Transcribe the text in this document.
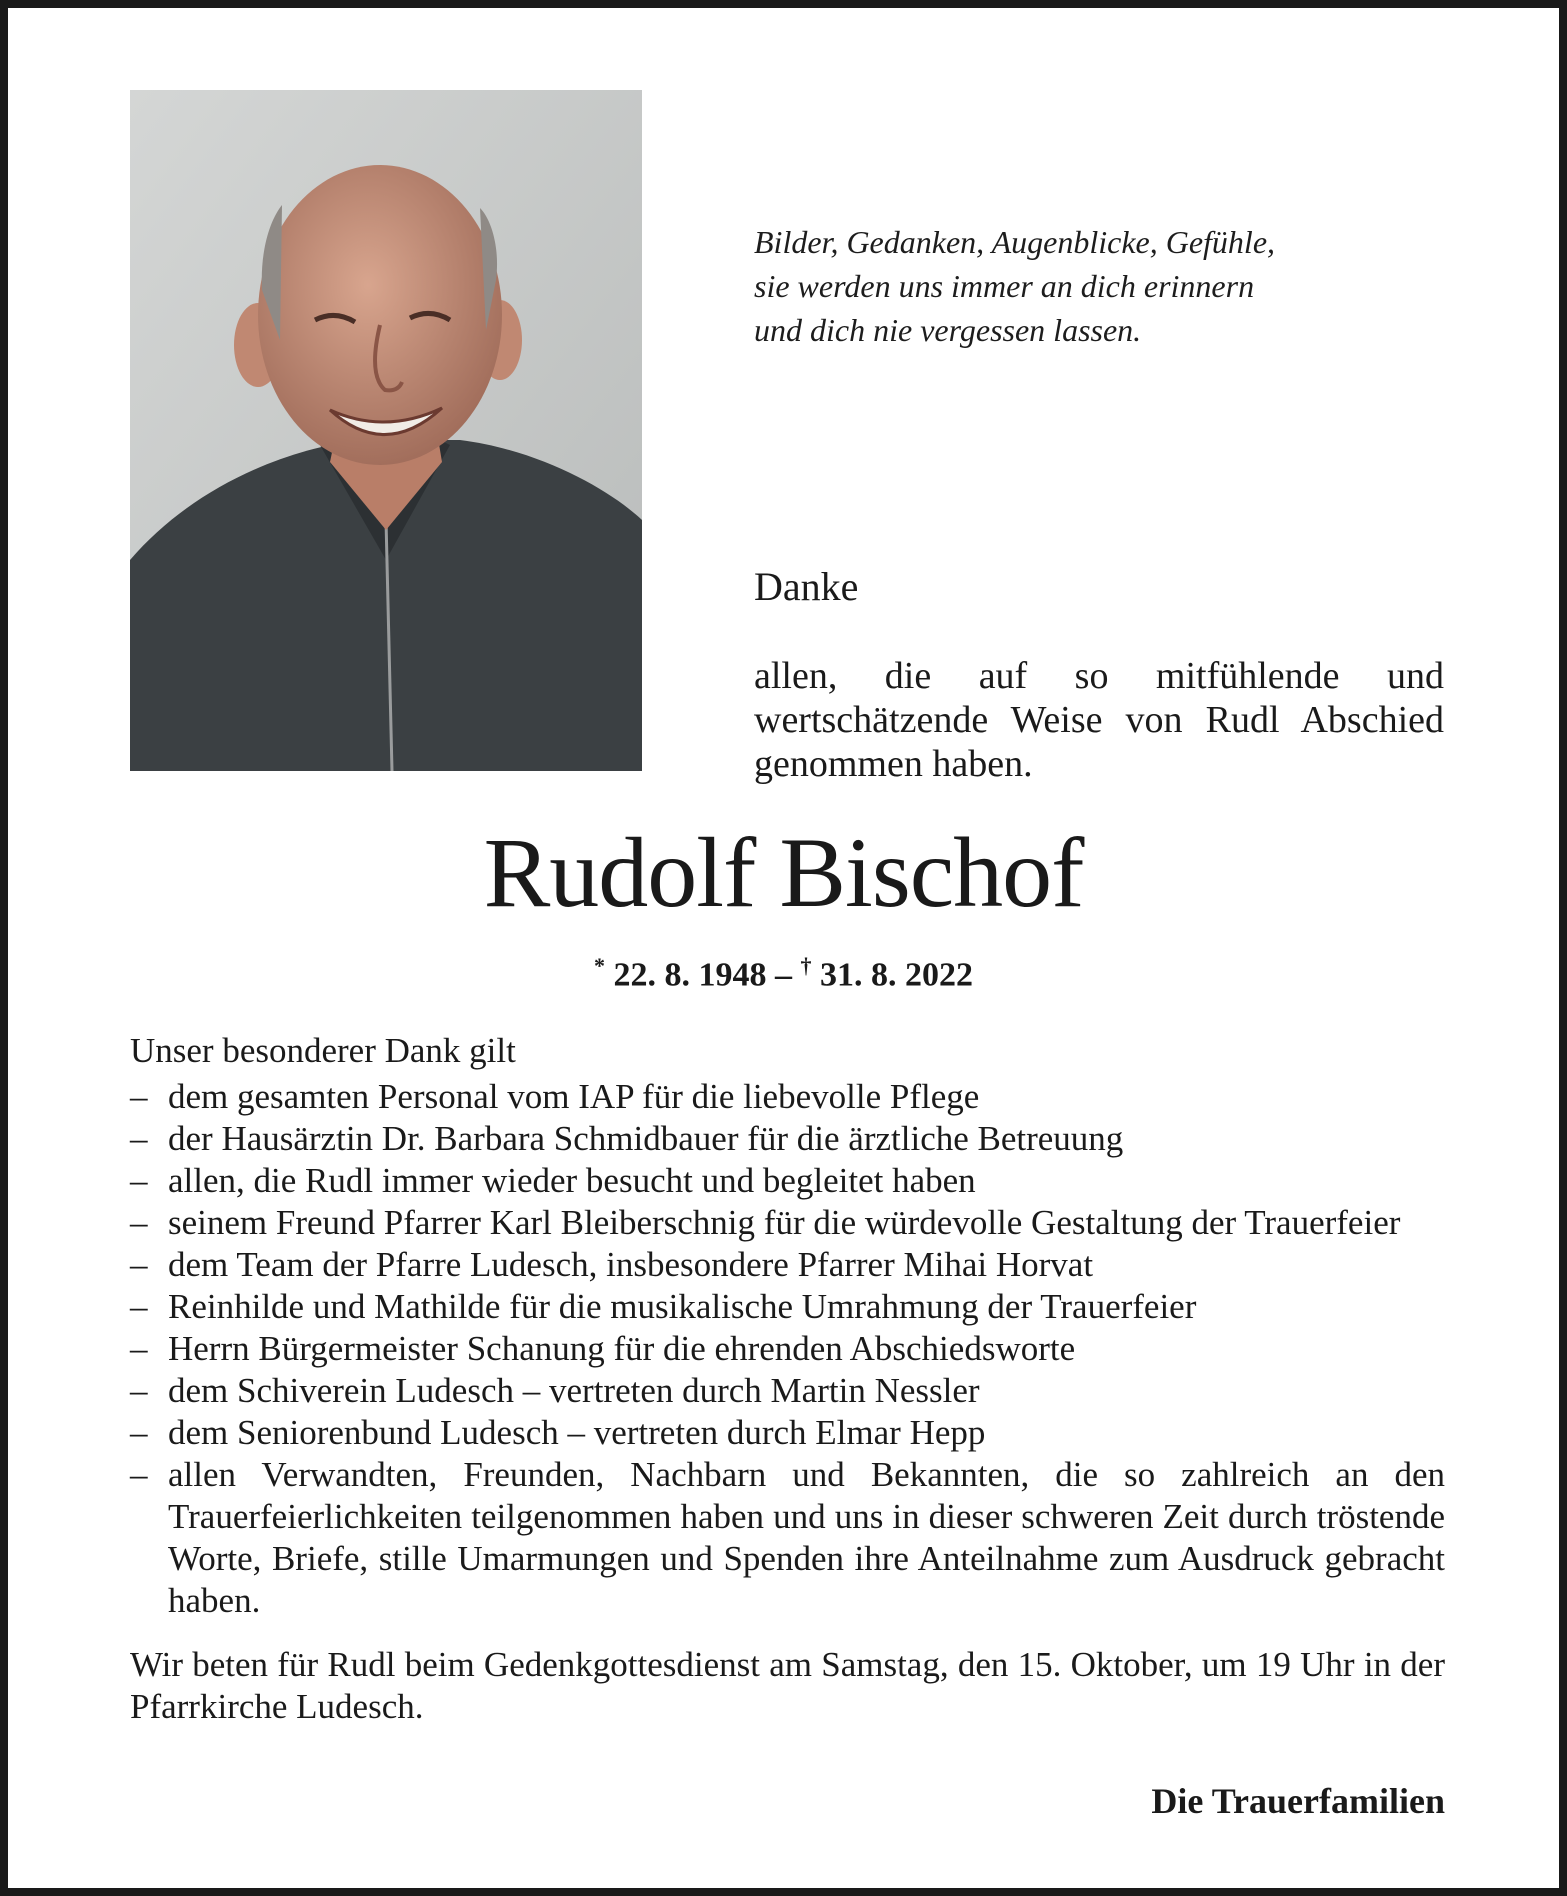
Bilder, Gedanken, Augenblicke, Gefühle,
sie werden uns immer an dich erinnern
und dich nie vergessen lassen.
Danke
allen, die auf so mitfühlende und wertschätzende Weise von Rudl Abschied genommen haben.
Rudolf Bischof
* 22. 8. 1948 – † 31. 8. 2022
Unser besonderer Dank gilt
– dem gesamten Personal vom IAP für die liebevolle Pflege
– der Hausärztin Dr. Barbara Schmidbauer für die ärztliche Betreuung
– allen, die Rudl immer wieder besucht und begleitet haben
– seinem Freund Pfarrer Karl Bleiberschnig für die würdevolle Gestaltung der Trauerfeier
– dem Team der Pfarre Ludesch, insbesondere Pfarrer Mihai Horvat
– Reinhilde und Mathilde für die musikalische Umrahmung der Trauerfeier
– Herrn Bürgermeister Schanung für die ehrenden Abschiedsworte
– dem Schiverein Ludesch – vertreten durch Martin Nessler
– dem Seniorenbund Ludesch – vertreten durch Elmar Hepp
– allen Verwandten, Freunden, Nachbarn und Bekannten, die so zahlreich an den Trauerfeierlichkeiten teilgenommen haben und uns in dieser schweren Zeit durch tröstende Worte, Briefe, stille Umarmungen und Spenden ihre Anteilnahme zum Ausdruck gebracht haben.
Wir beten für Rudl beim Gedenkgottesdienst am Samstag, den 15. Oktober, um 19 Uhr in der Pfarrkirche Ludesch.
Die Trauerfamilien
